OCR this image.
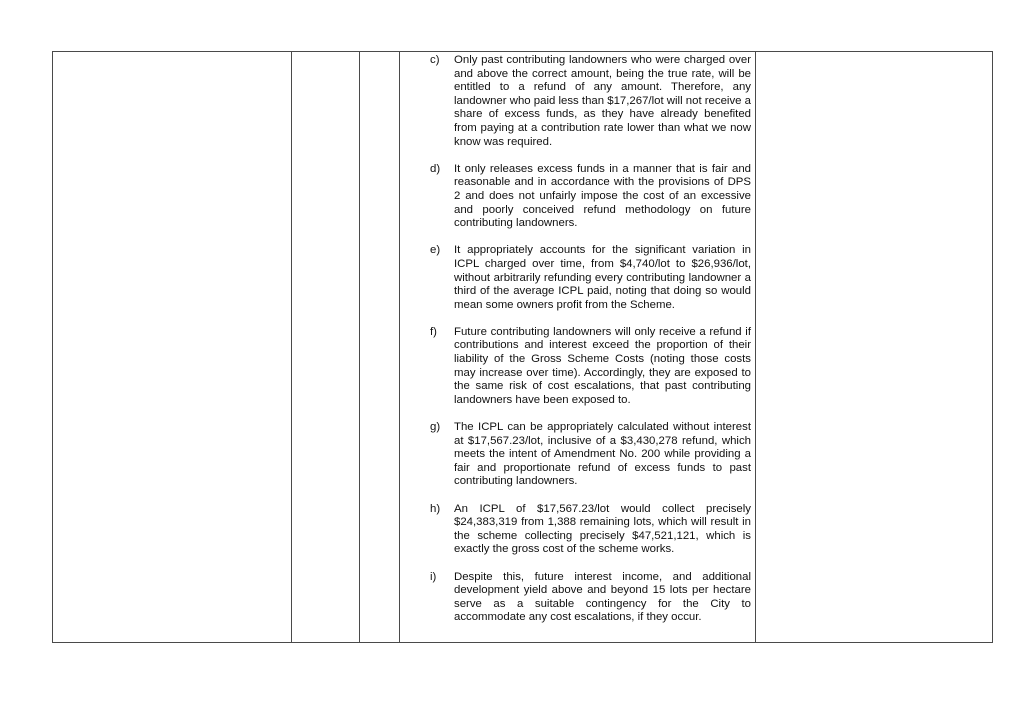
c) Only past contributing landowners who were charged over and above the correct amount, being the true rate, will be entitled to a refund of any amount. Therefore, any landowner who paid less than $17,267/lot will not receive a share of excess funds, as they have already benefited from paying at a contribution rate lower than what we now know was required.
d) It only releases excess funds in a manner that is fair and reasonable and in accordance with the provisions of DPS 2 and does not unfairly impose the cost of an excessive and poorly conceived refund methodology on future contributing landowners.
e) It appropriately accounts for the significant variation in ICPL charged over time, from $4,740/lot to $26,936/lot, without arbitrarily refunding every contributing landowner a third of the average ICPL paid, noting that doing so would mean some owners profit from the Scheme.
f) Future contributing landowners will only receive a refund if contributions and interest exceed the proportion of their liability of the Gross Scheme Costs (noting those costs may increase over time). Accordingly, they are exposed to the same risk of cost escalations, that past contributing landowners have been exposed to.
g) The ICPL can be appropriately calculated without interest at $17,567.23/lot, inclusive of a $3,430,278 refund, which meets the intent of Amendment No. 200 while providing a fair and proportionate refund of excess funds to past contributing landowners.
h) An ICPL of $17,567.23/lot would collect precisely $24,383,319 from 1,388 remaining lots, which will result in the scheme collecting precisely $47,521,121, which is exactly the gross cost of the scheme works.
i) Despite this, future interest income, and additional development yield above and beyond 15 lots per hectare serve as a suitable contingency for the City to accommodate any cost escalations, if they occur.
